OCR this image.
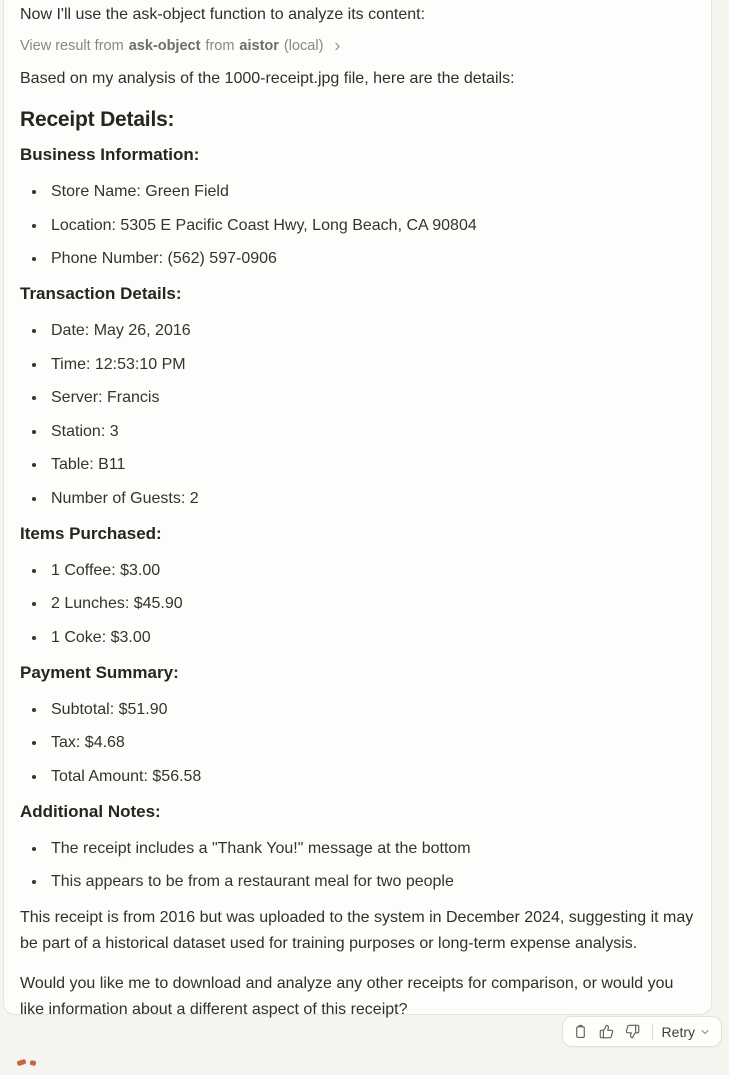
Now I'll use the ask-object function to analyze its content:

View result from ask-object from aistor (local)

Based on my analysis of the 1000-receipt.jpg file, here are the details:

Receipt Details:
Business Information:
• Store Name: Green Field
• Location: 5305 E Pacific Coast Hwy, Long Beach, CA 90804
• Phone Number: (562) 597-0906
Transaction Details:
• Date: May 26, 2016
• Time: 12:53:10 PM
• Server: Francis
• Station: 3
• Table: B11
• Number of Guests: 2
Items Purchased:
• 1 Coffee: $3.00
• 2 Lunches: $45.90
• 1 Coke: $3.00
Payment Summary:
• Subtotal: $51.90
• Tax: $4.68
• Total Amount: $56.58
Additional Notes:
• The receipt includes a "Thank You!" message at the bottom
• This appears to be from a restaurant meal for two people

This receipt is from 2016 but was uploaded to the system in December 2024, suggesting it may be part of a historical dataset used for training purposes or long-term expense analysis.

Would you like me to download and analyze any other receipts for comparison, or would you like information about a different aspect of this receipt?

Retry
